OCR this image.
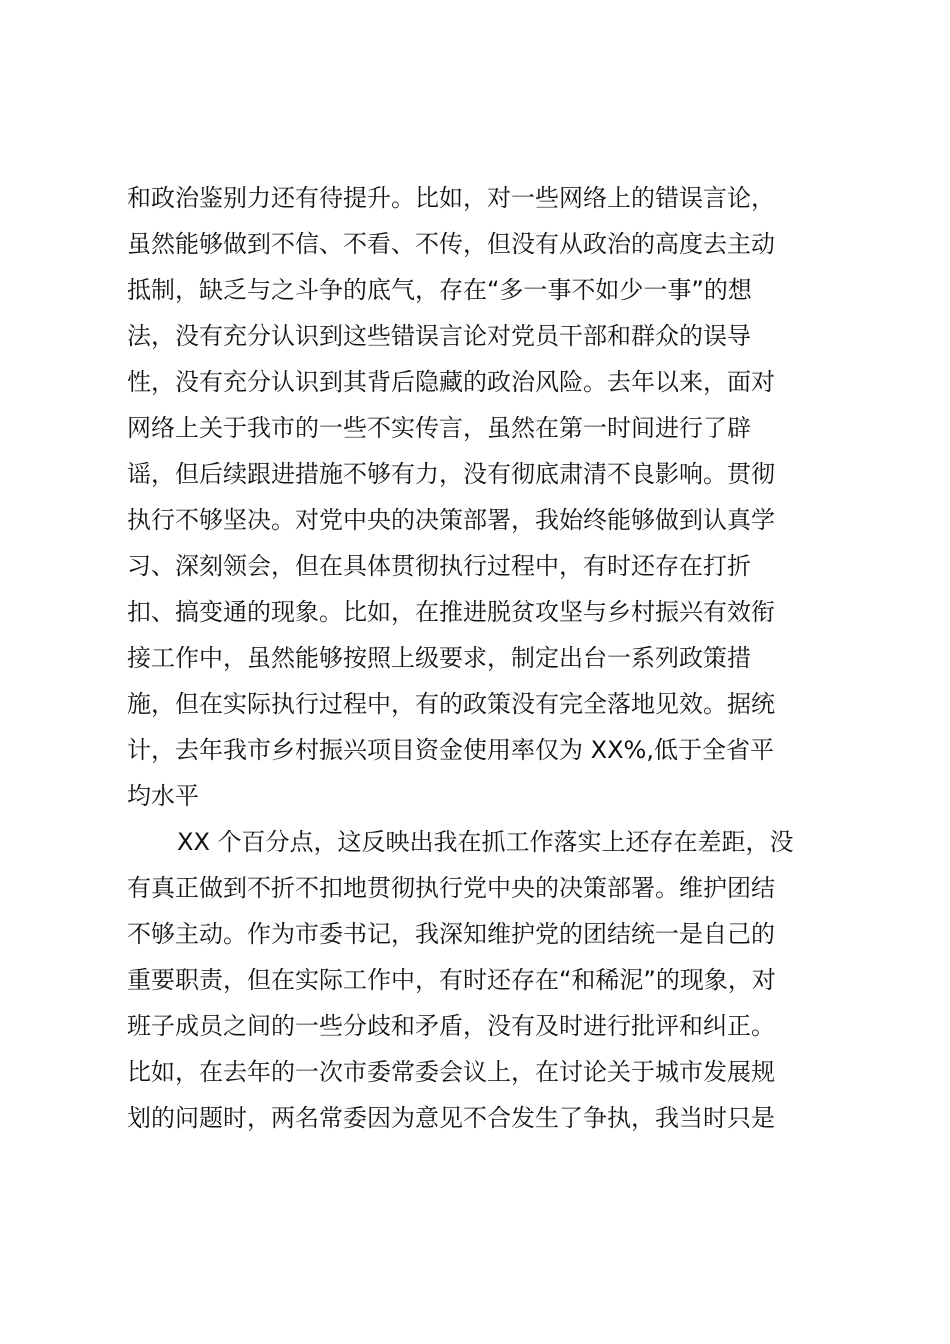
和政治鉴别力还有待提升。比如，对一些网络上的错误言论，
虽然能够做到不信、不看、不传，但没有从政治的高度去主动
抵制，缺乏与之斗争的底气，存在“多一事不如少一事”的想
法，没有充分认识到这些错误言论对党员干部和群众的误导
性，没有充分认识到其背后隐藏的政治风险。去年以来，面对
网络上关于我市的一些不实传言，虽然在第一时间进行了辟
谣，但后续跟进措施不够有力，没有彻底肃清不良影响。贯彻
执行不够坚决。对党中央的决策部署，我始终能够做到认真学
习、深刻领会，但在具体贯彻执行过程中，有时还存在打折
扣、搞变通的现象。比如，在推进脱贫攻坚与乡村振兴有效衔
接工作中，虽然能够按照上级要求，制定出台一系列政策措
施，但在实际执行过程中，有的政策没有完全落地见效。据统
计，去年我市乡村振兴项目资金使用率仅为 XX%,低于全省平
均水平
XX 个百分点，这反映出我在抓工作落实上还存在差距，没
有真正做到不折不扣地贯彻执行党中央的决策部署。维护团结
不够主动。作为市委书记，我深知维护党的团结统一是自己的
重要职责，但在实际工作中，有时还存在“和稀泥”的现象，对
班子成员之间的一些分歧和矛盾，没有及时进行批评和纠正。
比如，在去年的一次市委常委会议上，在讨论关于城市发展规
划的问题时，两名常委因为意见不合发生了争执，我当时只是
